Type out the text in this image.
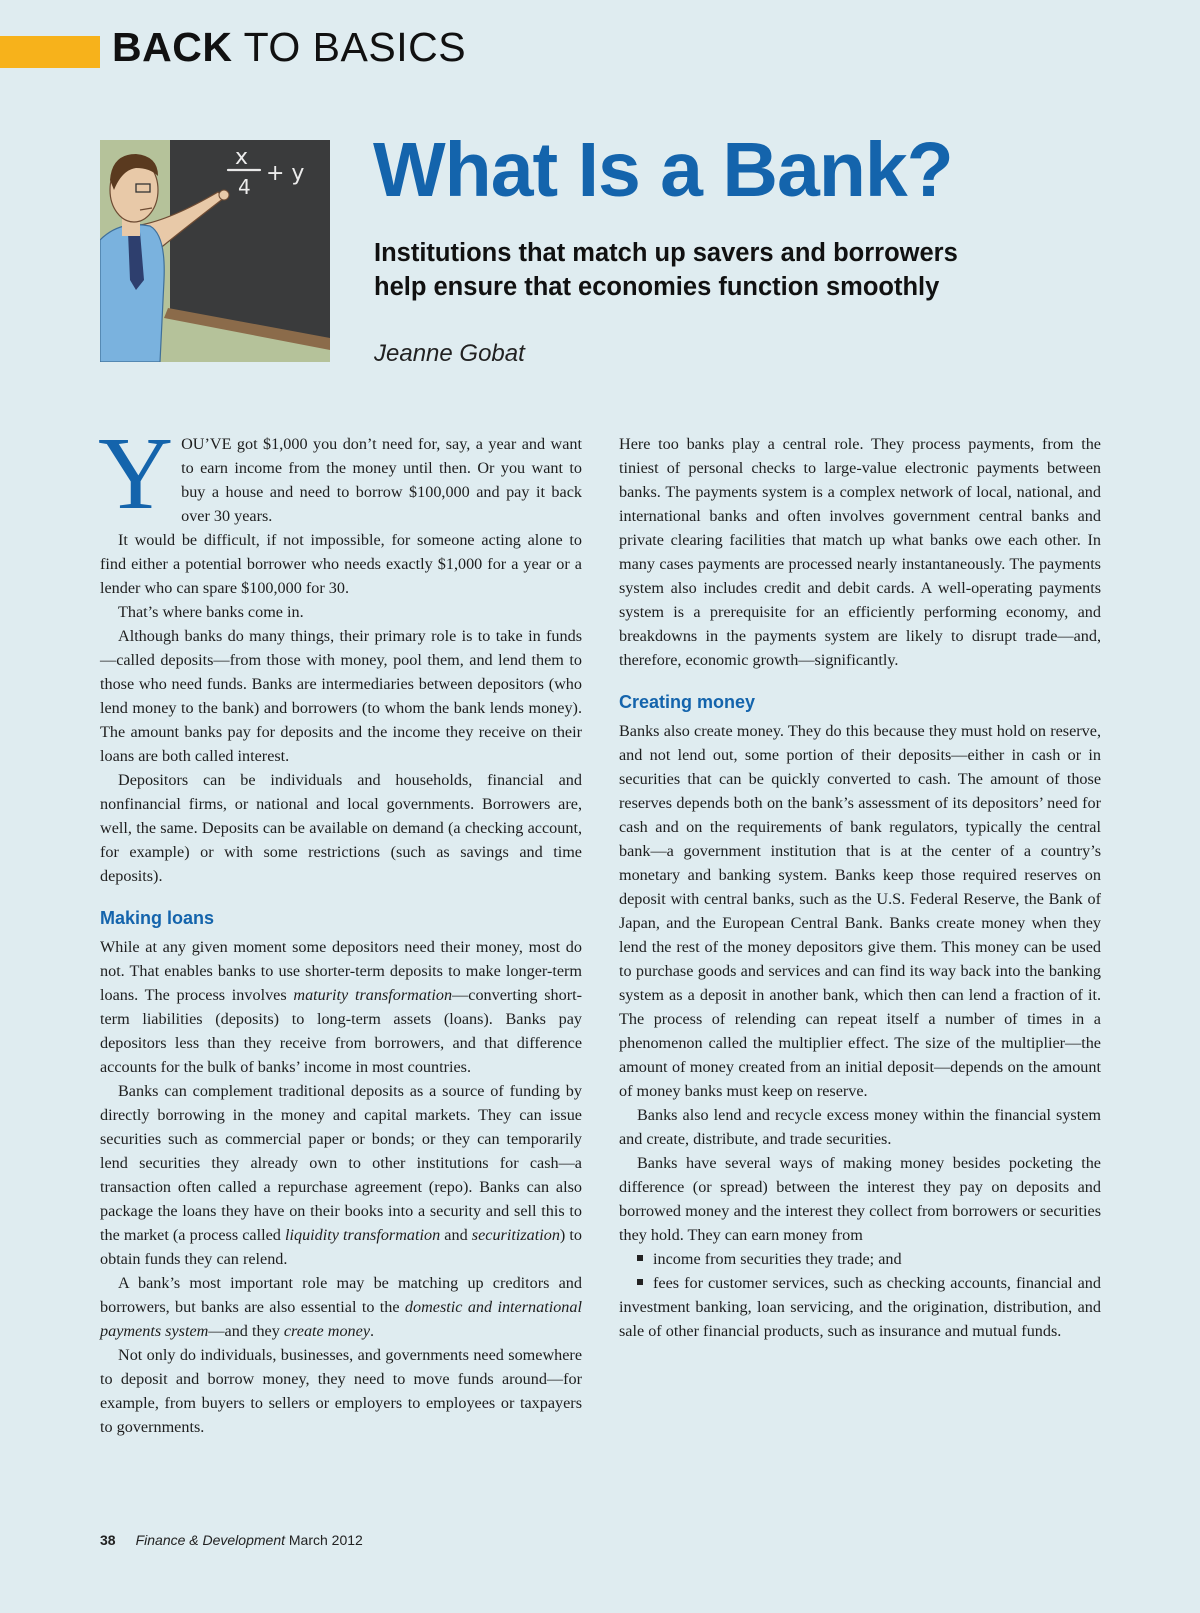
BACK TO BASICS
x
4
+ y What Is a Bank?
Institutions that match up savers and borrowers
help ensure that economies function smoothly
Jeanne Gobat

YOU’VE got $1,000 you don’t need for, say, a year and want to earn income from the money until then. Or you want to buy a house and need to borrow $100,000 and pay it back over 30 years.

It would be difficult, if not impossible, for someone acting alone to find either a potential borrower who needs exactly $1,000 for a year or a lender who can spare $100,000 for 30.

That’s where banks come in.

Although banks do many things, their primary role is to take in funds—called deposits—from those with money, pool them, and lend them to those who need funds. Banks are intermediaries between depositors (who lend money to the bank) and borrowers (to whom the bank lends money). The amount banks pay for deposits and the income they receive on their loans are both called interest.

Depositors can be individuals and households, financial and nonfinancial firms, or national and local governments. Borrowers are, well, the same. Deposits can be available on demand (a checking account, for example) or with some restrictions (such as savings and time deposits).

Making loans

While at any given moment some depositors need their money, most do not. That enables banks to use shorter-term deposits to make longer-term loans. The process involves maturity transformation—converting short-term liabilities (deposits) to long-term assets (loans). Banks pay depositors less than they receive from borrowers, and that difference accounts for the bulk of banks’ income in most countries.

Banks can complement traditional deposits as a source of funding by directly borrowing in the money and capital markets. They can issue securities such as commercial paper or bonds; or they can temporarily lend securities they already own to other institutions for cash—a transaction often called a repurchase agreement (repo). Banks can also package the loans they have on their books into a security and sell this to the market (a process called liquidity transformation and securitization) to obtain funds they can relend.

A bank’s most important role may be matching up creditors and borrowers, but banks are also essential to the domestic and international payments system—and they create money.

Not only do individuals, businesses, and governments need somewhere to deposit and borrow money, they need to move funds around—for example, from buyers to sellers or employers to employees or taxpayers to governments.

Here too banks play a central role. They process payments, from the tiniest of personal checks to large-value electronic payments between banks. The payments system is a complex network of local, national, and international banks and often involves government central banks and private clearing facilities that match up what banks owe each other. In many cases payments are processed nearly instantaneously. The payments system also includes credit and debit cards. A well-operating payments system is a prerequisite for an efficiently performing economy, and breakdowns in the payments system are likely to disrupt trade—and, therefore, economic growth—significantly.

Creating money

Banks also create money. They do this because they must hold on reserve, and not lend out, some portion of their deposits—either in cash or in securities that can be quickly converted to cash. The amount of those reserves depends both on the bank’s assessment of its depositors’ need for cash and on the requirements of bank regulators, typically the central bank—a government institution that is at the center of a country’s monetary and banking system. Banks keep those required reserves on deposit with central banks, such as the U.S. Federal Reserve, the Bank of Japan, and the European Central Bank. Banks create money when they lend the rest of the money depositors give them. This money can be used to purchase goods and services and can find its way back into the banking system as a deposit in another bank, which then can lend a fraction of it. The process of relending can repeat itself a number of times in a phenomenon called the multiplier effect. The size of the multiplier—the amount of money created from an initial deposit—depends on the amount of money banks must keep on reserve.

Banks also lend and recycle excess money within the financial system and create, distribute, and trade securities.

Banks have several ways of making money besides pocketing the difference (or spread) between the interest they pay on deposits and borrowed money and the interest they collect from borrowers or securities they hold. They can earn money from

income from securities they trade; and

fees for customer services, such as checking accounts, financial and investment banking, loan servicing, and the origination, distribution, and sale of other financial products, such as insurance and mutual funds.

38 Finance & Development March 2012
